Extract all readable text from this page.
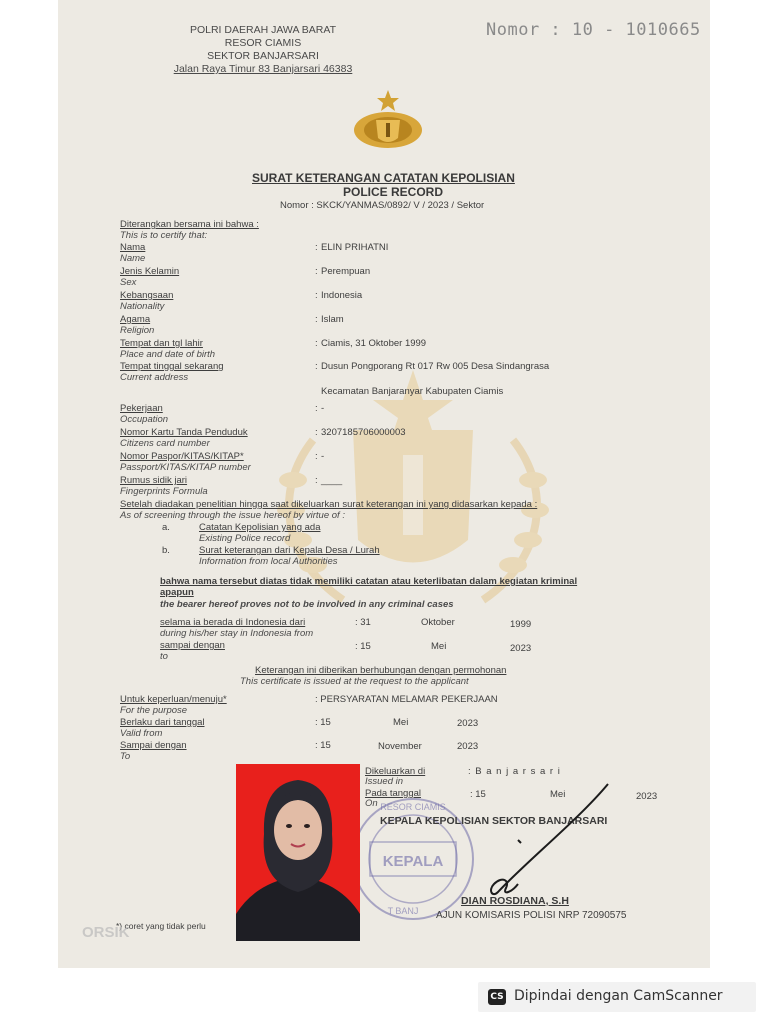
POLRI DAERAH JAWA BARAT
RESOR CIAMIS
SEKTOR BANJARSARI
Jalan Raya Timur 83 Banjarsari 46383
Nomor : 10 - 1010665
SURAT KETERANGAN CATATAN KEPOLISIAN
POLICE RECORD
Nomor : SKCK/YANMAS/0892/ V / 2023 / Sektor
Diterangkan bersama ini bahwa :
This is to certify that:
Nama
Name
: ELIN PRIHATNI
Jenis Kelamin
Sex
: Perempuan
Kebangsaan
Nationality
: Indonesia
Agama
Religion
: Islam
Tempat dan tgl lahir
Place and date of birth
: Ciamis, 31 Oktober 1999
Tempat tinggal sekarang
Current address
: Dusun Pongporang Rt 017 Rw 005 Desa Sindangrasa
Kecamatan Banjaranyar Kabupaten Ciamis
Pekerjaan
Occupation
: -
Nomor Kartu Tanda Penduduk
Citizens card number
: 3207185706000003
Nomor Paspor/KITAS/KITAP*
Passport/KITAS/KITAP number
: -
Rumus sidik jari
Fingerprints Formula
: ____
Setelah diadakan penelitian hingga saat dikeluarkan surat keterangan ini yang didasarkan kepada :
As of screening through the issue hereof by virtue of :
a.	Catatan Kepolisian yang ada
Existing Police record
b.	Surat keterangan dari Kepala Desa / Lurah
Information from local Authorities
bahwa nama tersebut diatas tidak memiliki catatan atau keterlibatan dalam kegiatan kriminal
apapun
the bearer hereof proves not to be involved in any criminal cases
selama ia berada di Indonesia dari
during his/her stay in Indonesia from
: 31	Oktober	1999
sampai dengan
to
: 15	Mei	2023
Keterangan ini diberikan berhubungan dengan permohonan
This certificate is issued at the request to the applicant
Untuk keperluan/menuju*
For the purpose
: PERSYARATAN MELAMAR PEKERJAAN
Berlaku dari tanggal
Valid from
: 15	Mei	2023
Sampai dengan
To
: 15	November	2023
Dikeluarkan di
Issued in
: B a n j a r s a r i
Pada tanggal
On
: 15	Mei	2023
RESOR CIAMIS
KEPALA
T BANJ
KEPALA KEPOLISIAN SEKTOR BANJARSARI
DIAN ROSDIANA, S.H
AJUN KOMISARIS POLISI NRP 72090575
*) coret yang tidak perlu
ORSIK
CS Dipindai dengan CamScanner
